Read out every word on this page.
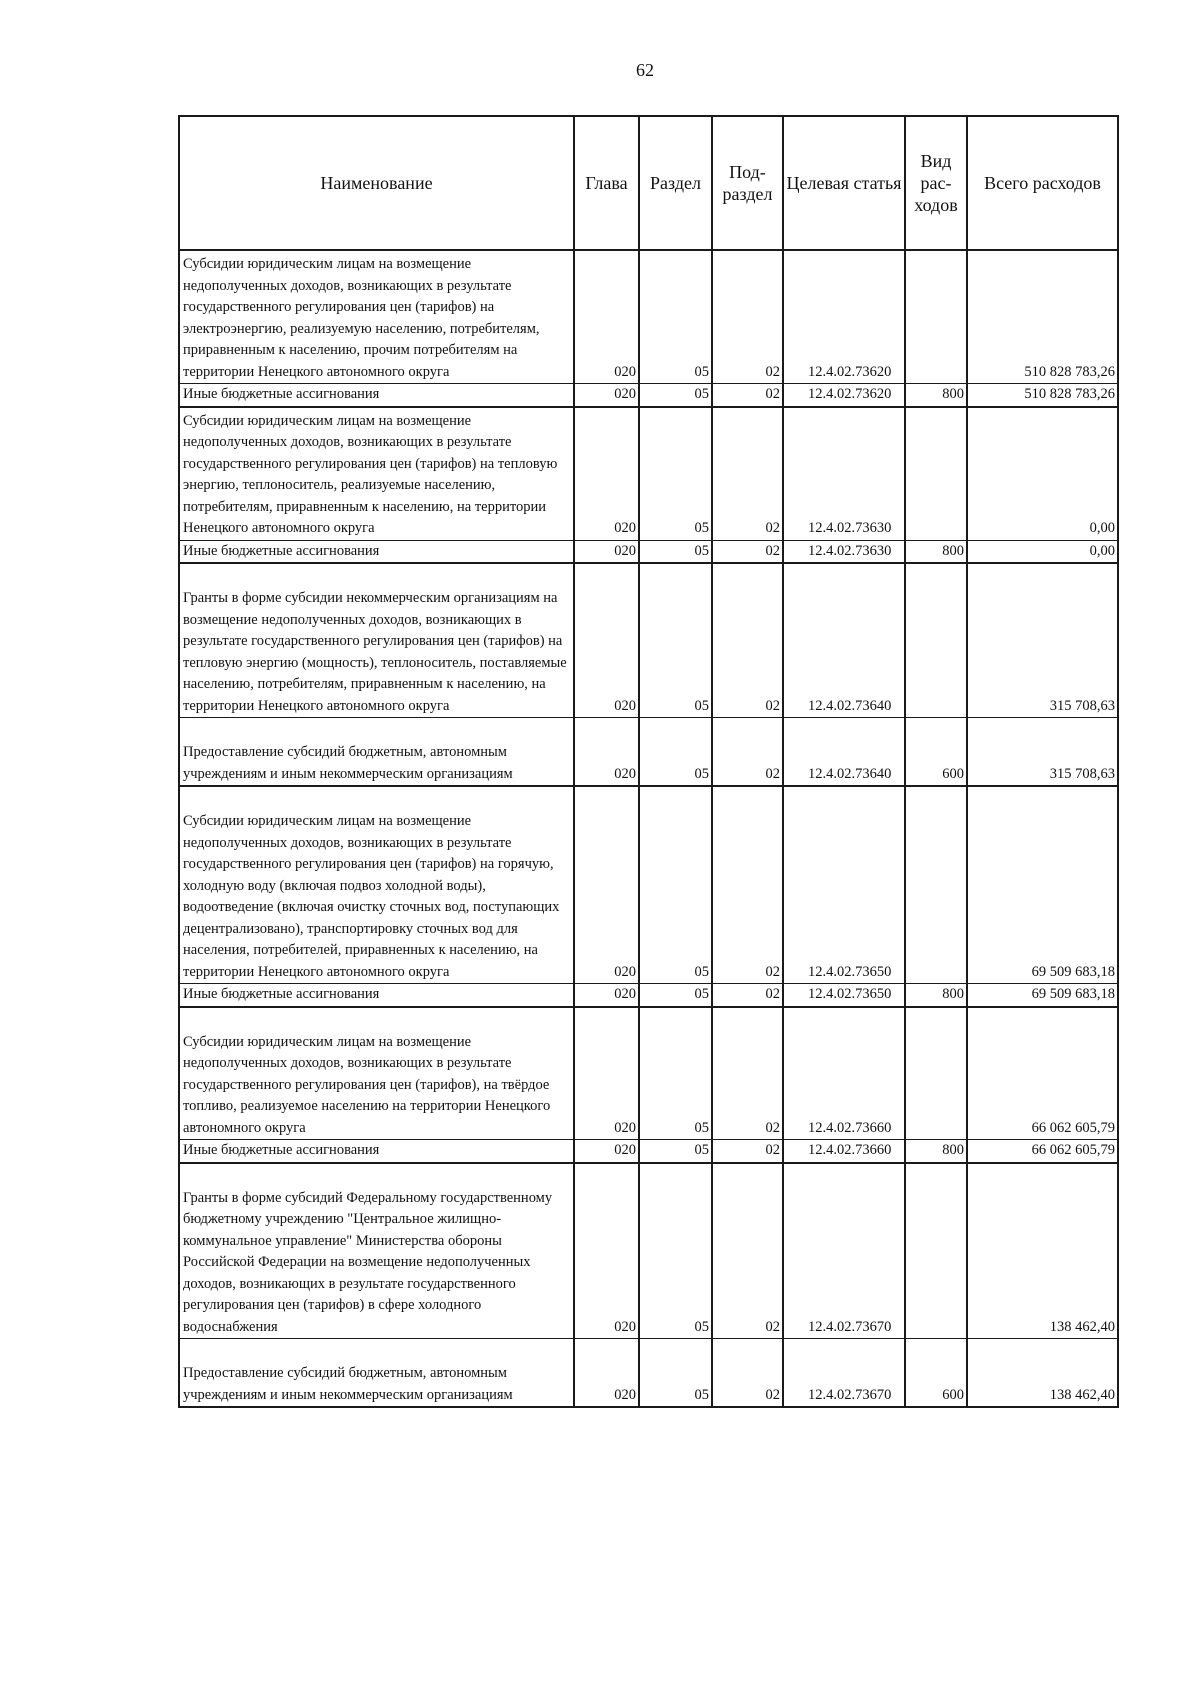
62
Наименование	Глава	Раздел	Под-раздел	Целевая статья	Вид рас-ходов	Всего расходов
Субсидии юридическим лицам на возмещение недополученных доходов, возникающих в результате государственного регулирования цен (тарифов) на электроэнергию, реализуемую населению, потребителям, приравненным к населению, прочим потребителям на территории Ненецкого автономного округа	020	05	02	12.4.02.73620		510 828 783,26
Иные бюджетные ассигнования	020	05	02	12.4.02.73620	800	510 828 783,26
Субсидии юридическим лицам на возмещение недополученных доходов, возникающих в результате государственного регулирования цен (тарифов) на тепловую энергию, теплоноситель, реализуемые населению, потребителям, приравненным к населению, на территории Ненецкого автономного округа	020	05	02	12.4.02.73630		0,00
Иные бюджетные ассигнования	020	05	02	12.4.02.73630	800	0,00
Гранты в форме субсидии некоммерческим организациям на возмещение недополученных доходов, возникающих в результате государственного регулирования цен (тарифов) на тепловую энергию (мощность), теплоноситель, поставляемые населению, потребителям, приравненным к населению, на территории Ненецкого автономного округа	020	05	02	12.4.02.73640		315 708,63
Предоставление субсидий бюджетным, автономным учреждениям и иным некоммерческим организациям	020	05	02	12.4.02.73640	600	315 708,63
Субсидии юридическим лицам на возмещение недополученных доходов, возникающих в результате государственного регулирования цен (тарифов) на горячую, холодную воду (включая подвоз холодной воды), водоотведение (включая очистку сточных вод, поступающих децентрализовано), транспортировку сточных вод для населения, потребителей, приравненных к населению, на территории Ненецкого автономного округа	020	05	02	12.4.02.73650		69 509 683,18
Иные бюджетные ассигнования	020	05	02	12.4.02.73650	800	69 509 683,18
Субсидии юридическим лицам на возмещение недополученных доходов, возникающих в результате государственного регулирования цен (тарифов), на твёрдое топливо, реализуемое населению на территории Ненецкого автономного округа	020	05	02	12.4.02.73660		66 062 605,79
Иные бюджетные ассигнования	020	05	02	12.4.02.73660	800	66 062 605,79
Гранты в форме субсидий Федеральному государственному бюджетному учреждению "Центральное жилищно-коммунальное управление" Министерства обороны Российской Федерации на возмещение недополученных доходов, возникающих в результате государственного регулирования цен (тарифов) в сфере холодного водоснабжения	020	05	02	12.4.02.73670		138 462,40
Предоставление субсидий бюджетным, автономным учреждениям и иным некоммерческим организациям	020	05	02	12.4.02.73670	600	138 462,40
